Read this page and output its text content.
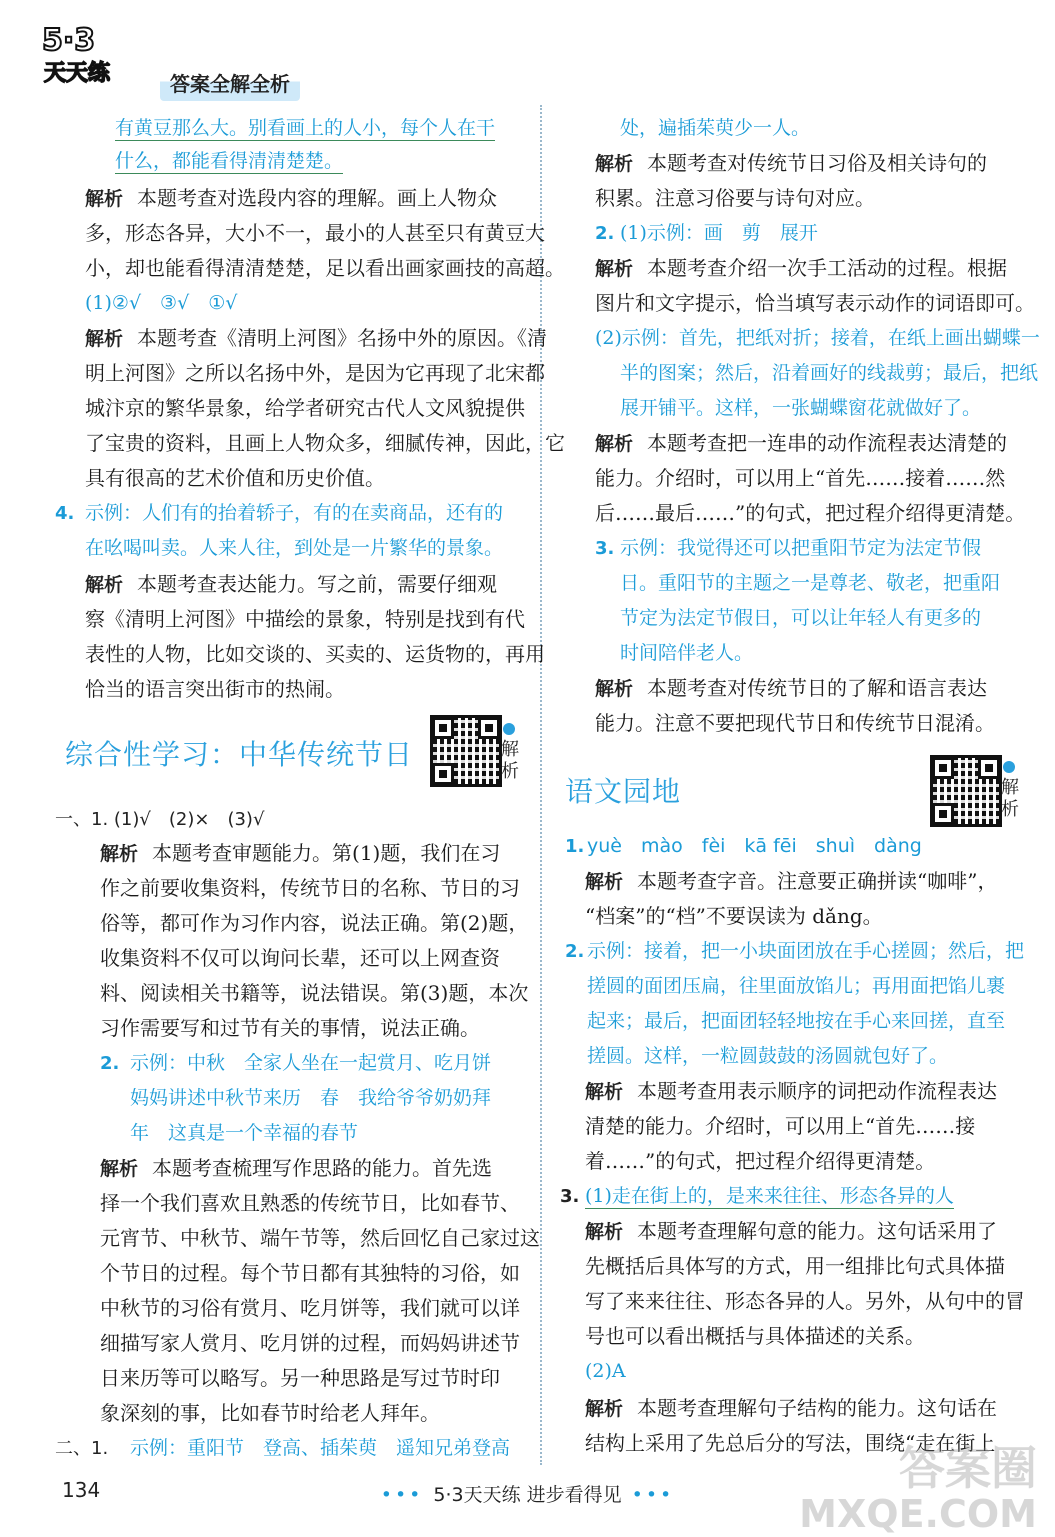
5·3
天天练	答案全解全析
有黄豆那么大。别看画上的人小，每个人在干
什么，都能看得清清楚楚。
解析 本题考查对选段内容的理解。画上人物众
多，形态各异，大小不一，最小的人甚至只有黄豆大
小，却也能看得清清楚楚，足以看出画家画技的高超。
(1)②√　③√　①√
解析 本题考查《清明上河图》名扬中外的原因。《清
明上河图》之所以名扬中外，是因为它再现了北宋都
城汴京的繁华景象，给学者研究古代人文风貌提供
了宝贵的资料，且画上人物众多，细腻传神，因此，它
具有很高的艺术价值和历史价值。
4. 示例：人们有的抬着轿子，有的在卖商品，还有的
在吆喝叫卖。人来人往，到处是一片繁华的景象。
解析 本题考查表达能力。写之前，需要仔细观
察《清明上河图》中描绘的景象，特别是找到有代
表性的人物，比如交谈的、买卖的、运货物的，再用
恰当的语言突出街市的热闹。
综合性学习：中华传统节日	解析
一、1. (1)√　(2)×　(3)√
解析 本题考查审题能力。第(1)题，我们在习
作之前要收集资料，传统节日的名称、节日的习
俗等，都可作为习作内容，说法正确。第(2)题，
收集资料不仅可以询问长辈，还可以上网查资
料、阅读相关书籍等，说法错误。第(3)题，本次
习作需要写和过节有关的事情，说法正确。
2. 示例：中秋　全家人坐在一起赏月、吃月饼
妈妈讲述中秋节来历　春　我给爷爷奶奶拜
年　这真是一个幸福的春节
解析 本题考查梳理写作思路的能力。首先选
择一个我们喜欢且熟悉的传统节日，比如春节、
元宵节、中秋节、端午节等，然后回忆自己家过这
个节日的过程。每个节日都有其独特的习俗，如
中秋节的习俗有赏月、吃月饼等，我们就可以详
细描写家人赏月、吃月饼的过程，而妈妈讲述节
日来历等可以略写。另一种思路是写过节时印
象深刻的事，比如春节时给老人拜年。
二、1. 示例：重阳节　登高、插茱萸　遥知兄弟登高
处，遍插茱萸少一人。
解析 本题考查对传统节日习俗及相关诗句的
积累。注意习俗要与诗句对应。
2. (1)示例：画　剪　展开
解析 本题考查介绍一次手工活动的过程。根据
图片和文字提示，恰当填写表示动作的词语即可。
(2)示例：首先，把纸对折；接着，在纸上画出蝴蝶一
半的图案；然后，沿着画好的线裁剪；最后，把纸
展开铺平。这样，一张蝴蝶窗花就做好了。
解析 本题考查把一连串的动作流程表达清楚的
能力。介绍时，可以用上“首先……接着……然
后……最后……”的句式，把过程介绍得更清楚。
3. 示例：我觉得还可以把重阳节定为法定节假
日。重阳节的主题之一是尊老、敬老，把重阳
节定为法定节假日，可以让年轻人有更多的
时间陪伴老人。
解析 本题考查对传统节日的了解和语言表达
能力。注意不要把现代节日和传统节日混淆。
语文园地	解析
1. yuè　mào　fèi　kā fēi　shuì　dàng
解析 本题考查字音。注意要正确拼读“咖啡”，
“档案”的“档”不要误读为 dǎng。
2. 示例：接着，把一小块面团放在手心搓圆；然后，把
搓圆的面团压扁，往里面放馅儿；再用面把馅儿裹
起来；最后，把面团轻轻地按在手心来回搓，直至
搓圆。这样，一粒圆鼓鼓的汤圆就包好了。
解析 本题考查用表示顺序的词把动作流程表达
清楚的能力。介绍时，可以用上“首先……接
着……”的句式，把过程介绍得更清楚。
3. (1)走在街上的，是来来往往、形态各异的人
解析 本题考查理解句意的能力。这句话采用了
先概括后具体写的方式，用一组排比句式具体描
写了来来往往、形态各异的人。另外，从句中的冒
号也可以看出概括与具体描述的关系。
(2)A
解析 本题考查理解句子结构的能力。这句话在
结构上采用了先总后分的写法，围绕“走在街上
134	••• 5·3天天练 进步看得见 •••	答案圈
MXQE.COM
